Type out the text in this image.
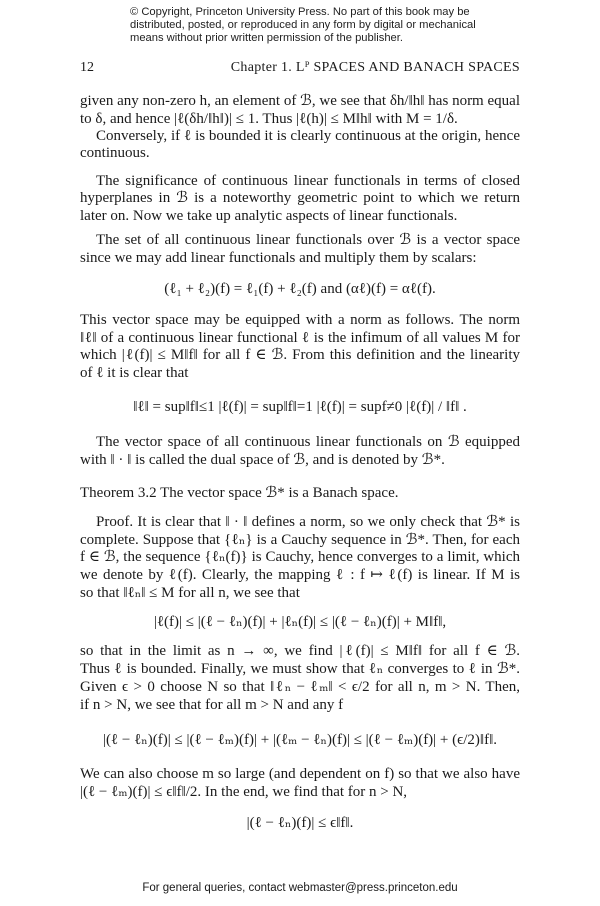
© Copyright, Princeton University Press. No part of this book may be
distributed, posted, or reproduced in any form by digital or mechanical
means without prior written permission of the publisher.
12	Chapter 1. Lᴾ SPACES AND BANACH SPACES
given any non-zero h, an element of ℬ, we see that δh/‖h‖ has norm equal
to δ, and hence |ℓ(δh/‖h‖)| ≤ 1. Thus |ℓ(h)| ≤ M‖h‖ with M = 1/δ.
Conversely, if ℓ is bounded it is clearly continuous at the origin, hence
continuous.
The significance of continuous linear functionals in terms of closed
hyperplanes in ℬ is a noteworthy geometric point to which we return
later on. Now we take up analytic aspects of linear functionals.
The set of all continuous linear functionals over ℬ is a vector space
since we may add linear functionals and multiply them by scalars:
(ℓ₁ + ℓ₂)(f) = ℓ₁(f) + ℓ₂(f) and (αℓ)(f) = αℓ(f).
This vector space may be equipped with a norm as follows. The norm
‖ℓ‖ of a continuous linear functional ℓ is the infimum of all values M for
which |ℓ(f)| ≤ M‖f‖ for all f ∈ ℬ. From this definition and the linearity
of ℓ it is clear that
‖ℓ‖ = sup‖f‖≤1 |ℓ(f)| = sup‖f‖=1 |ℓ(f)| = supf≠0 |ℓ(f)| / ‖f‖ .
The vector space of all continuous linear functionals on ℬ equipped
with ‖ · ‖ is called the dual space of ℬ, and is denoted by ℬ*.
Theorem 3.2 The vector space ℬ* is a Banach space.
Proof. It is clear that ‖ · ‖ defines a norm, so we only check that ℬ* is
complete. Suppose that {ℓₙ} is a Cauchy sequence in ℬ*. Then, for each
f ∈ ℬ, the sequence {ℓₙ(f)} is Cauchy, hence converges to a limit, which
we denote by ℓ(f). Clearly, the mapping ℓ : f ↦ ℓ(f) is linear. If M is
so that ‖ℓₙ‖ ≤ M for all n, we see that
|ℓ(f)| ≤ |(ℓ − ℓₙ)(f)| + |ℓₙ(f)| ≤ |(ℓ − ℓₙ)(f)| + M‖f‖,
so that in the limit as n → ∞, we find |ℓ(f)| ≤ M‖f‖ for all f ∈ ℬ.
Thus ℓ is bounded. Finally, we must show that ℓₙ converges to ℓ in ℬ*.
Given ϵ > 0 choose N so that ‖ℓₙ − ℓₘ‖ < ϵ/2 for all n, m > N. Then,
if n > N, we see that for all m > N and any f
|(ℓ − ℓₙ)(f)| ≤ |(ℓ − ℓₘ)(f)| + |(ℓₘ − ℓₙ)(f)| ≤ |(ℓ − ℓₘ)(f)| + (ϵ/2)‖f‖.
We can also choose m so large (and dependent on f) so that we also have
|(ℓ − ℓₘ)(f)| ≤ ϵ‖f‖/2. In the end, we find that for n > N,
|(ℓ − ℓₙ)(f)| ≤ ϵ‖f‖.
For general queries, contact webmaster@press.princeton.edu
